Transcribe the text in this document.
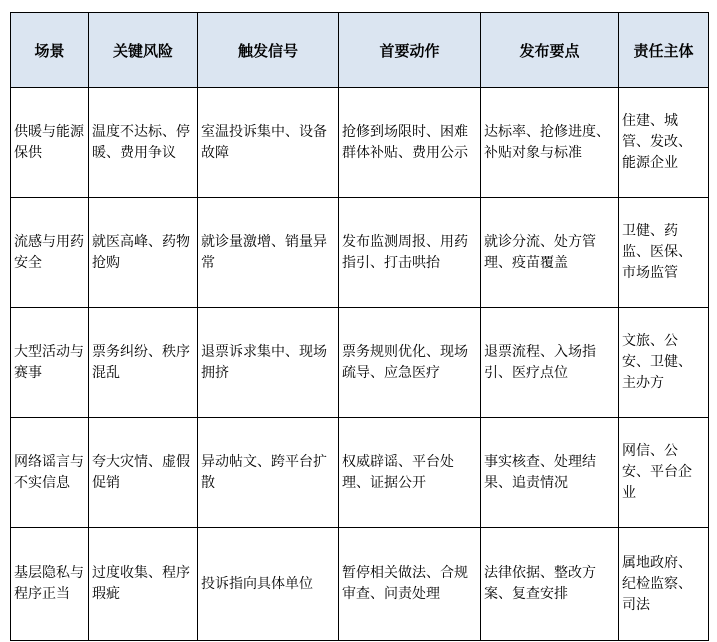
场景	关键风险	触发信号	首要动作	发布要点	责任主体
供暖与能源保供	温度不达标、停暖、费用争议	室温投诉集中、设备故障	抢修到场限时、困难群体补贴、费用公示	达标率、抢修进度、补贴对象与标准	住建、城管、发改、能源企业
流感与用药安全	就医高峰、药物抢购	就诊量激增、销量异常	发布监测周报、用药指引、打击哄抬	就诊分流、处方管理、疫苗覆盖	卫健、药监、医保、市场监管
大型活动与赛事	票务纠纷、秩序混乱	退票诉求集中、现场拥挤	票务规则优化、现场疏导、应急医疗	退票流程、入场指引、医疗点位	文旅、公安、卫健、主办方
网络谣言与不实信息	夸大灾情、虚假促销	异动帖文、跨平台扩散	权威辟谣、平台处理、证据公开	事实核查、处理结果、追责情况	网信、公安、平台企业
基层隐私与程序正当	过度收集、程序瑕疵	投诉指向具体单位	暂停相关做法、合规审查、问责处理	法律依据、整改方案、复查安排	属地政府、纪检监察、司法
